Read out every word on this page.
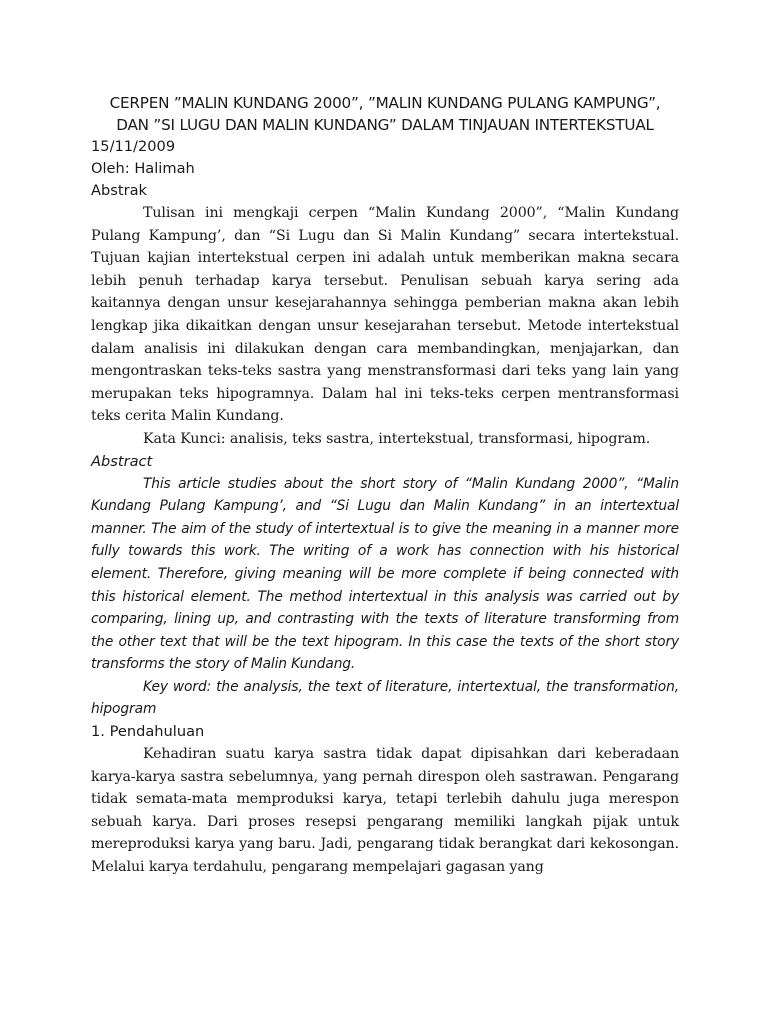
CERPEN ”MALIN KUNDANG 2000”, ”MALIN KUNDANG PULANG KAMPUNG”,

DAN ”SI LUGU DAN MALIN KUNDANG” DALAM TINJAUAN INTERTEKSTUAL

15/11/2009

Oleh: Halimah

Abstrak

Tulisan ini mengkaji cerpen “Malin Kundang 2000”, “Malin Kundang Pulang Kampung’, dan “Si Lugu dan Si Malin Kundang” secara intertekstual. Tujuan kajian intertekstual cerpen ini adalah untuk memberikan makna secara lebih penuh terhadap karya tersebut. Penulisan sebuah karya sering ada kaitannya dengan unsur kesejarahannya sehingga pemberian makna akan lebih lengkap jika dikaitkan dengan unsur kesejarahan tersebut. Metode intertekstual dalam analisis ini dilakukan dengan cara membandingkan, menjajarkan, dan mengontraskan teks-teks sastra yang menstransformasi dari teks yang lain yang merupakan teks hipogramnya. Dalam hal ini teks-teks cerpen mentransformasi teks cerita Malin Kundang.

Kata Kunci: analisis, teks sastra, intertekstual, transformasi, hipogram.

Abstract

This article studies about the short story of “Malin Kundang 2000”, “Malin Kundang Pulang Kampung’, and “Si Lugu dan Malin Kundang” in an intertextual manner. The aim of the study of intertextual is to give the meaning in a manner more fully towards this work. The writing of a work has connection with his historical element. Therefore, giving meaning will be more complete if being connected with this historical element. The method intertextual in this analysis was carried out by comparing, lining up, and contrasting with the texts of literature transforming from the other text that will be the text hipogram. In this case the texts of the short story transforms the story of Malin Kundang.

Key word: the analysis, the text of literature, intertextual, the transformation, hipogram

1. Pendahuluan

Kehadiran suatu karya sastra tidak dapat dipisahkan dari keberadaan karya-karya sastra sebelumnya, yang pernah direspon oleh sastrawan. Pengarang tidak semata-mata memproduksi karya, tetapi terlebih dahulu juga merespon sebuah karya. Dari proses resepsi pengarang memiliki langkah pijak untuk mereproduksi karya yang baru. Jadi, pengarang tidak berangkat dari kekosongan. Melalui karya terdahulu, pengarang mempelajari gagasan yang
